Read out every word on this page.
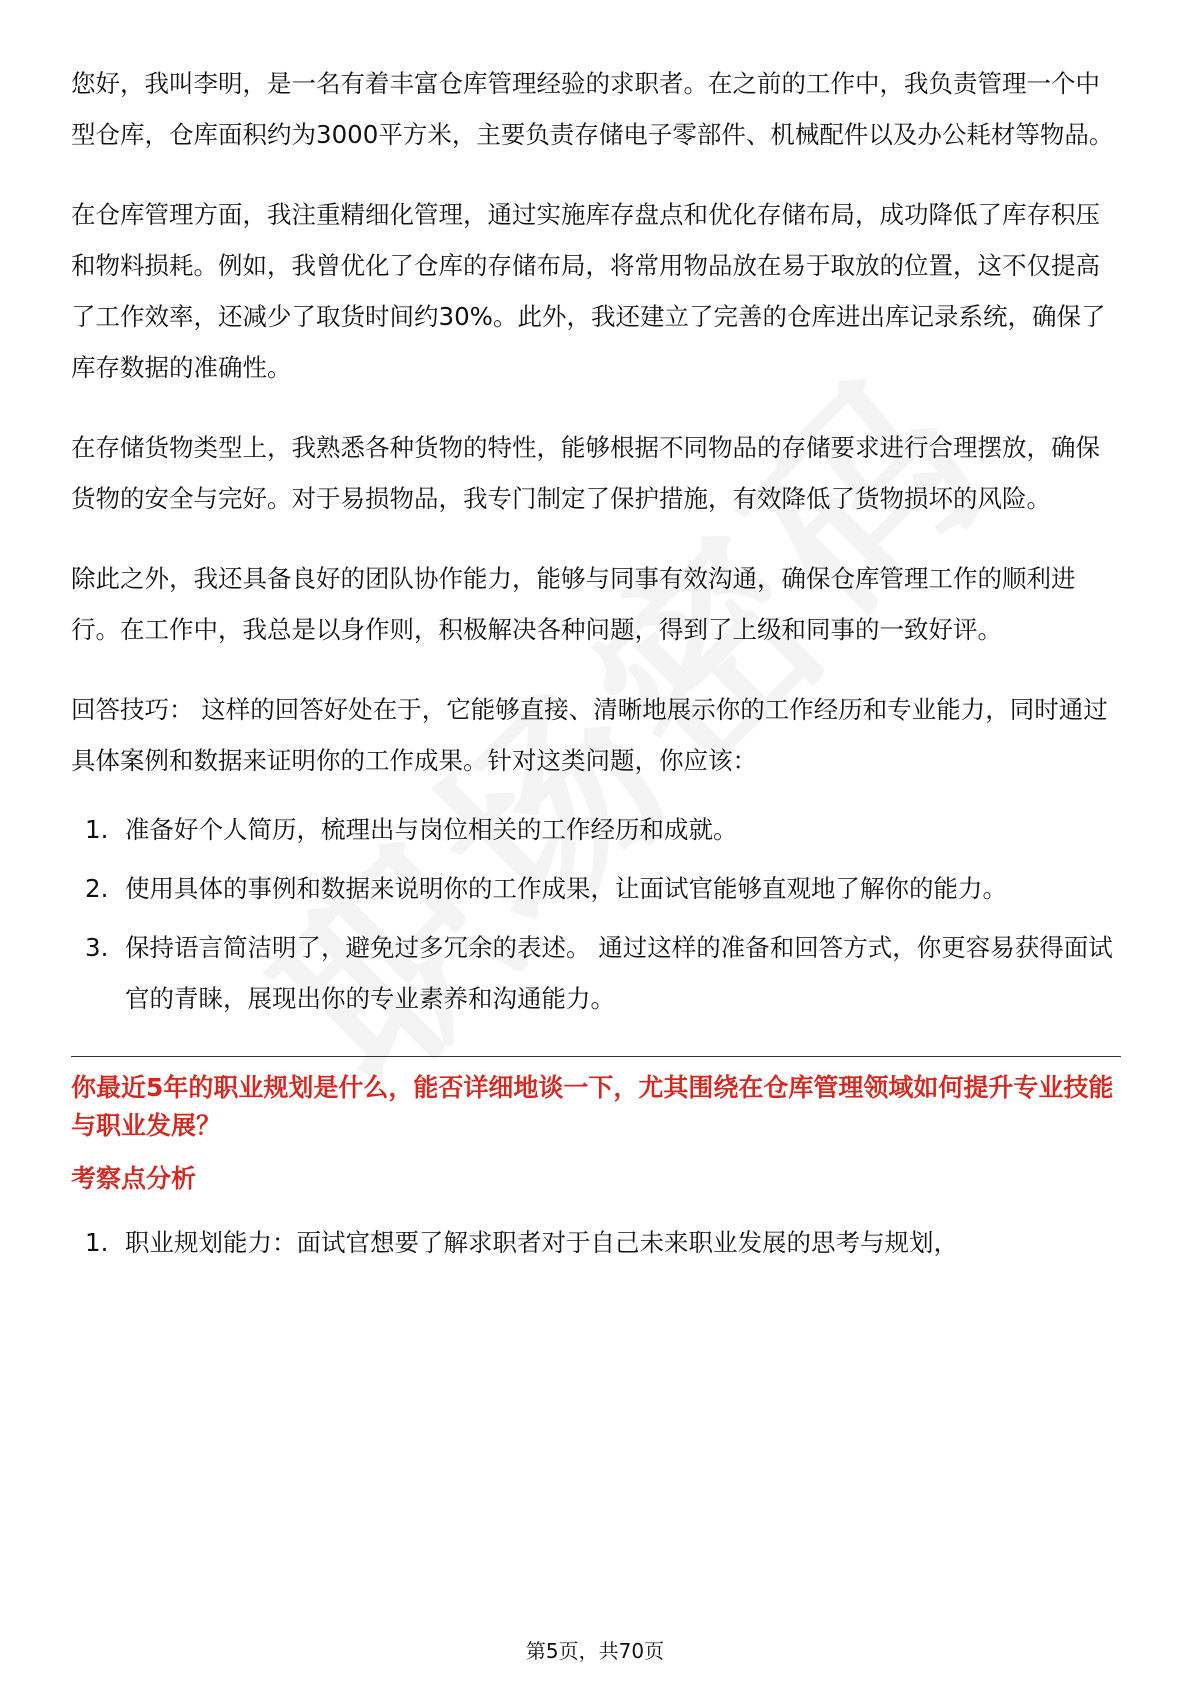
您好，我叫李明，是一名有着丰富仓库管理经验的求职者。在之前的工作中，我负责管理一个中型仓库，仓库面积约为3000平方米，主要负责存储电子零部件、机械配件以及办公耗材等物品。

在仓库管理方面，我注重精细化管理，通过实施库存盘点和优化存储布局，成功降低了库存积压和物料损耗。例如，我曾优化了仓库的存储布局，将常用物品放在易于取放的位置，这不仅提高了工作效率，还减少了取货时间约30%。此外，我还建立了完善的仓库进出库记录系统，确保了库存数据的准确性。

在存储货物类型上，我熟悉各种货物的特性，能够根据不同物品的存储要求进行合理摆放，确保货物的安全与完好。对于易损物品，我专门制定了保护措施，有效降低了货物损坏的风险。

除此之外，我还具备良好的团队协作能力，能够与同事有效沟通，确保仓库管理工作的顺利进行。在工作中，我总是以身作则，积极解决各种问题，得到了上级和同事的一致好评。

回答技巧： 这样的回答好处在于，它能够直接、清晰地展示你的工作经历和专业能力，同时通过具体案例和数据来证明你的工作成果。针对这类问题，你应该：

1. 准备好个人简历，梳理出与岗位相关的工作经历和成就。
2. 使用具体的事例和数据来说明你的工作成果，让面试官能够直观地了解你的能力。
3. 保持语言简洁明了，避免过多冗余的表述。 通过这样的准备和回答方式，你更容易获得面试官的青睐，展现出你的专业素养和沟通能力。
你最近5年的职业规划是什么，能否详细地谈一下，尤其围绕在仓库管理领域如何提升专业技能与职业发展？
考察点分析
1. 职业规划能力：面试官想要了解求职者对于自己未来职业发展的思考与规划，
第5页，共70页
